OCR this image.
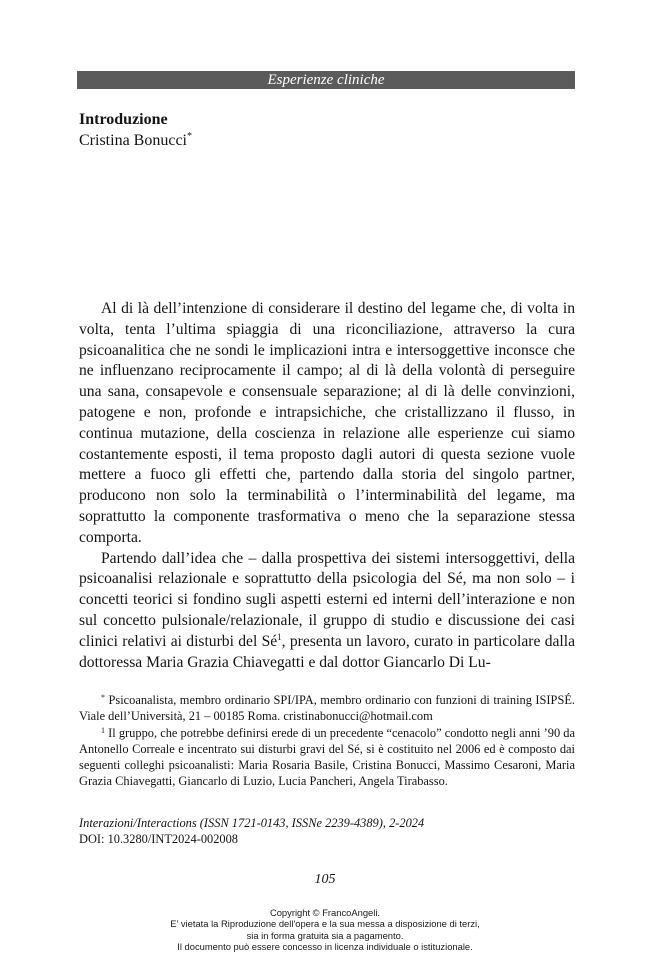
Esperienze cliniche
Introduzione
Cristina Bonucci*

Al di là dell’intenzione di considerare il destino del legame che, di volta in volta, tenta l’ultima spiaggia di una riconciliazione, attraverso la cura psicoanalitica che ne sondi le implicazioni intra e intersoggettive inconsce che ne influenzano reciprocamente il campo; al di là della volontà di perseguire una sana, consapevole e consensuale separazione; al di là delle convinzioni, patogene e non, profonde e intrapsichiche, che cristallizzano il flusso, in continua mutazione, della coscienza in relazione alle esperienze cui siamo costantemente esposti, il tema proposto dagli autori di questa sezione vuole mettere a fuoco gli effetti che, partendo dalla storia del singolo partner, producono non solo la terminabilità o l’interminabilità del legame, ma soprattutto la componente trasformativa o meno che la separazione stessa comporta.

Partendo dall’idea che – dalla prospettiva dei sistemi intersoggettivi, della psicoanalisi relazionale e soprattutto della psicologia del Sé, ma non solo – i concetti teorici si fondino sugli aspetti esterni ed interni dell’interazione e non sul concetto pulsionale/relazionale, il gruppo di studio e discussione dei casi clinici relativi ai disturbi del $Sé^1$, presenta un lavoro, curato in particolare dalla dottoressa Maria Grazia Chiavegatti e dal dottor Giancarlo Di Lu-

* Psicoanalista, membro ordinario SPI/IPA, membro ordinario con funzioni di training ISIPSÉ. Viale dell’Università, 21 – 00185 Roma. cristinabonucci@hotmail.com

$^1$ Il gruppo, che potrebbe definirsi erede di un precedente “cenacolo” condotto negli anni ’90 da Antonello Correale e incentrato sui disturbi gravi del Sé, si è costituito nel 2006 ed è composto dai seguenti colleghi psicoanalisti: Maria Rosaria Basile, Cristina Bonucci, Massimo Cesaroni, Maria Grazia Chiavegatti, Giancarlo di Luzio, Lucia Pancheri, Angela Tirabasso.

Interazioni/Interactions (ISSN 1721-0143, ISSNe 2239-4389), 2-2024
DOI: 10.3280/INT2024-002008
105
Copyright © FrancoAngeli.
E’ vietata la Riproduzione dell'opera e la sua messa a disposizione di terzi,
sia in forma gratuita sia a pagamento.
Il documento può essere concesso in licenza individuale o istituzionale.
